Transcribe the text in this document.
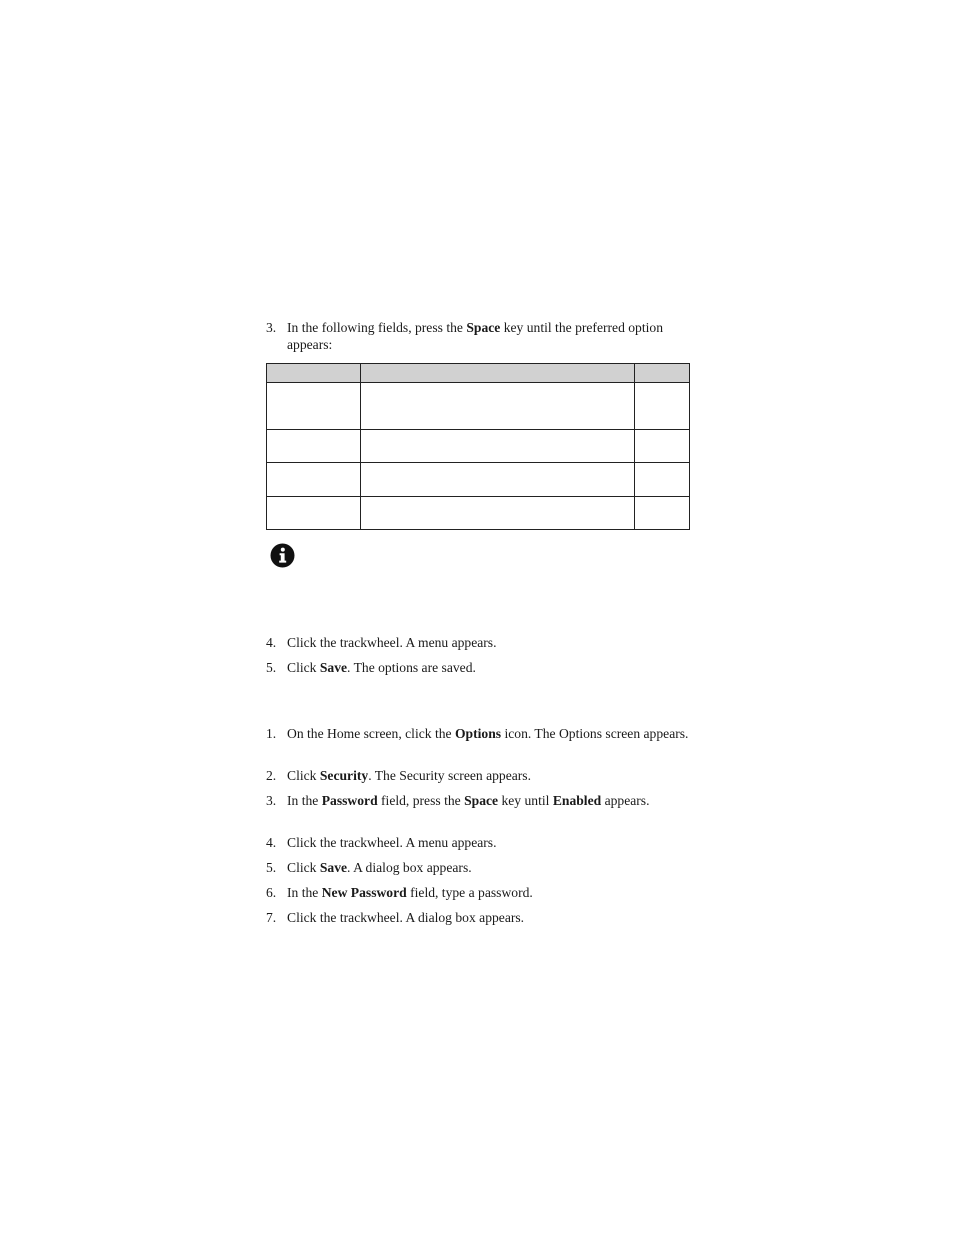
3. In the following fields, press the Space key until the preferred option appears:

4. Click the trackwheel. A menu appears.
5. Click Save. The options are saved.
1. On the Home screen, click the Options icon. The Options screen appears.
2. Click Security. The Security screen appears.
3. In the Password field, press the Space key until Enabled appears.
4. Click the trackwheel. A menu appears.
5. Click Save. A dialog box appears.
6. In the New Password field, type a password.
7. Click the trackwheel. A dialog box appears.
